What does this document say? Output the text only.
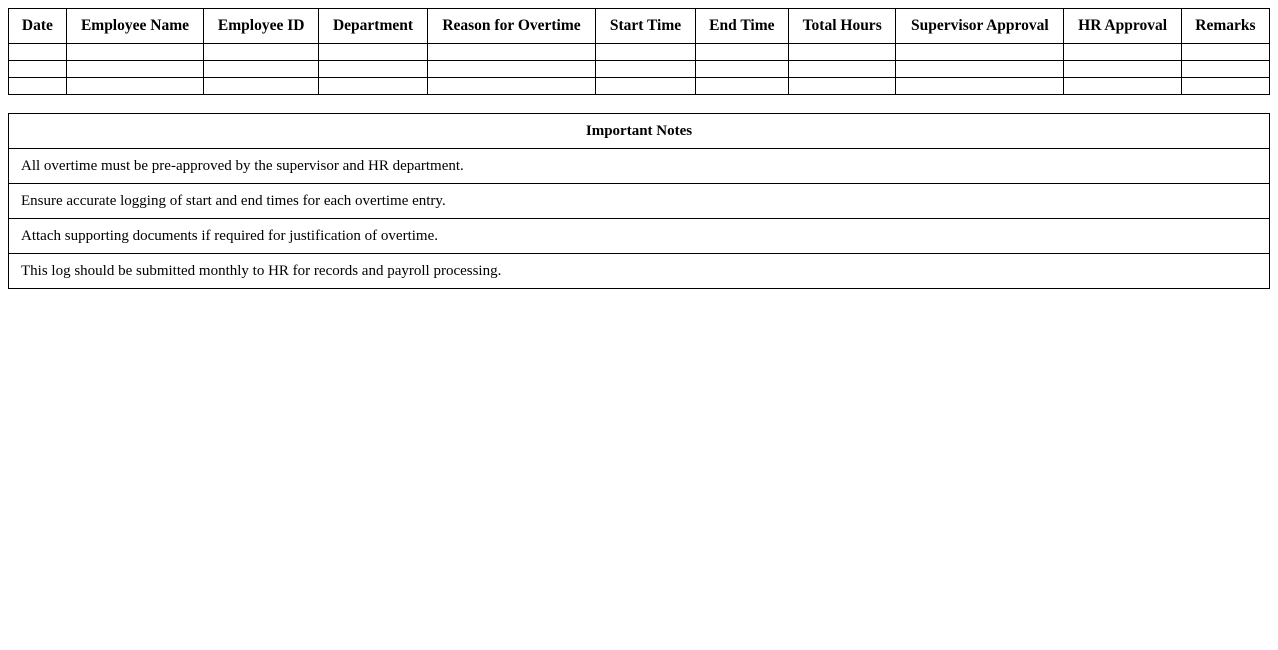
Date	Employee Name	Employee ID	Department	Reason for Overtime	Start Time	End Time	Total Hours	Supervisor Approval	HR Approval	Remarks

Important Notes
All overtime must be pre-approved by the supervisor and HR department.
Ensure accurate logging of start and end times for each overtime entry.
Attach supporting documents if required for justification of overtime.
This log should be submitted monthly to HR for records and payroll processing.
